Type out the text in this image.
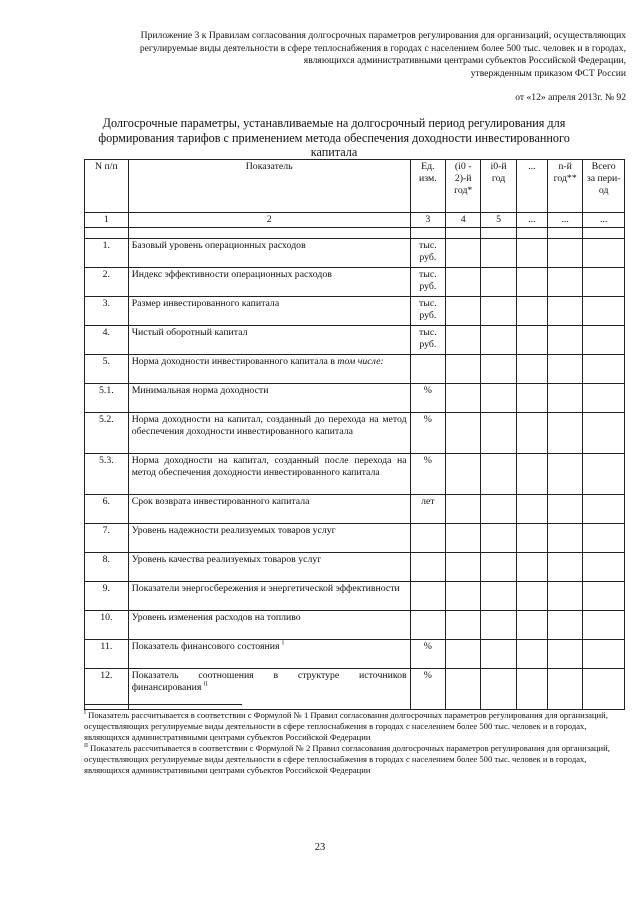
Приложение 3 к Правилам согласования долгосрочных параметров регулирования для организаций, осуществляющих
регулируемые виды деятельности в сфере теплоснабжения в городах с населением более 500 тыс. человек и в городах,
являющихся административными центрами субъектов Российской Федерации,
утвержденным приказом ФСТ России
от «12» апреля 2013г. № 92
Долгосрочные параметры, устанавливаемые на долгосрочный период регулирования для формирования тарифов с применением метода обеспечения доходности инвестированного капитала
N п/п	Показатель	Ед. изм.	(i0 - 2)-й год*	i0-й год	...	n-й год**	Всего за пери-од
1	2	3	4	5	...	...	...

1.	Базовый уровень операционных расходов	тыс. руб.					
2.	Индекс эффективности операционных расходов	тыс. руб.					
3.	Размер инвестированного капитала	тыс. руб.					
4.	Чистый оборотный капитал	тыс. руб.					
5.	Норма доходности инвестированного капитала в том числе:						
5.1.	Минимальная норма доходности	%					
5.2.	Норма доходности на капитал, созданный до перехода на метод обеспечения доходности инвестированного капитала	%					
5.3.	Норма доходности на капитал, созданный после перехода на метод обеспечения доходности инвестированного капитала	%					
6.	Срок возврата инвестированного капитала	лет					
7.	Уровень надежности реализуемых товаров услуг						
8.	Уровень качества реализуемых товаров услуг						
9.	Показатели энергосбережения и энергетической эффективности						
10.	Уровень изменения расходов на топливо						
11.	Показатель финансового состояния $^I$	%					
12.	Показатель соотношения в структуре источников финансирования $^{II}$	%					

$^I$ Показатель рассчитывается в соответствии с Формулой № 1 Правил согласования долгосрочных параметров регулирования для организаций, осуществляющих регулируемые виды деятельности в сфере теплоснабжения в городах с населением более 500 тыс. человек и в городах, являющихся административными центрами субъектов Российской Федерации

$^{II}$ Показатель рассчитывается в соответствии с Формулой № 2 Правил согласования долгосрочных параметров регулирования для организаций, осуществляющих регулируемые виды деятельности в сфере теплоснабжения в городах с населением более 500 тыс. человек и в городах, являющихся административными центрами субъектов Российской Федерации

23
